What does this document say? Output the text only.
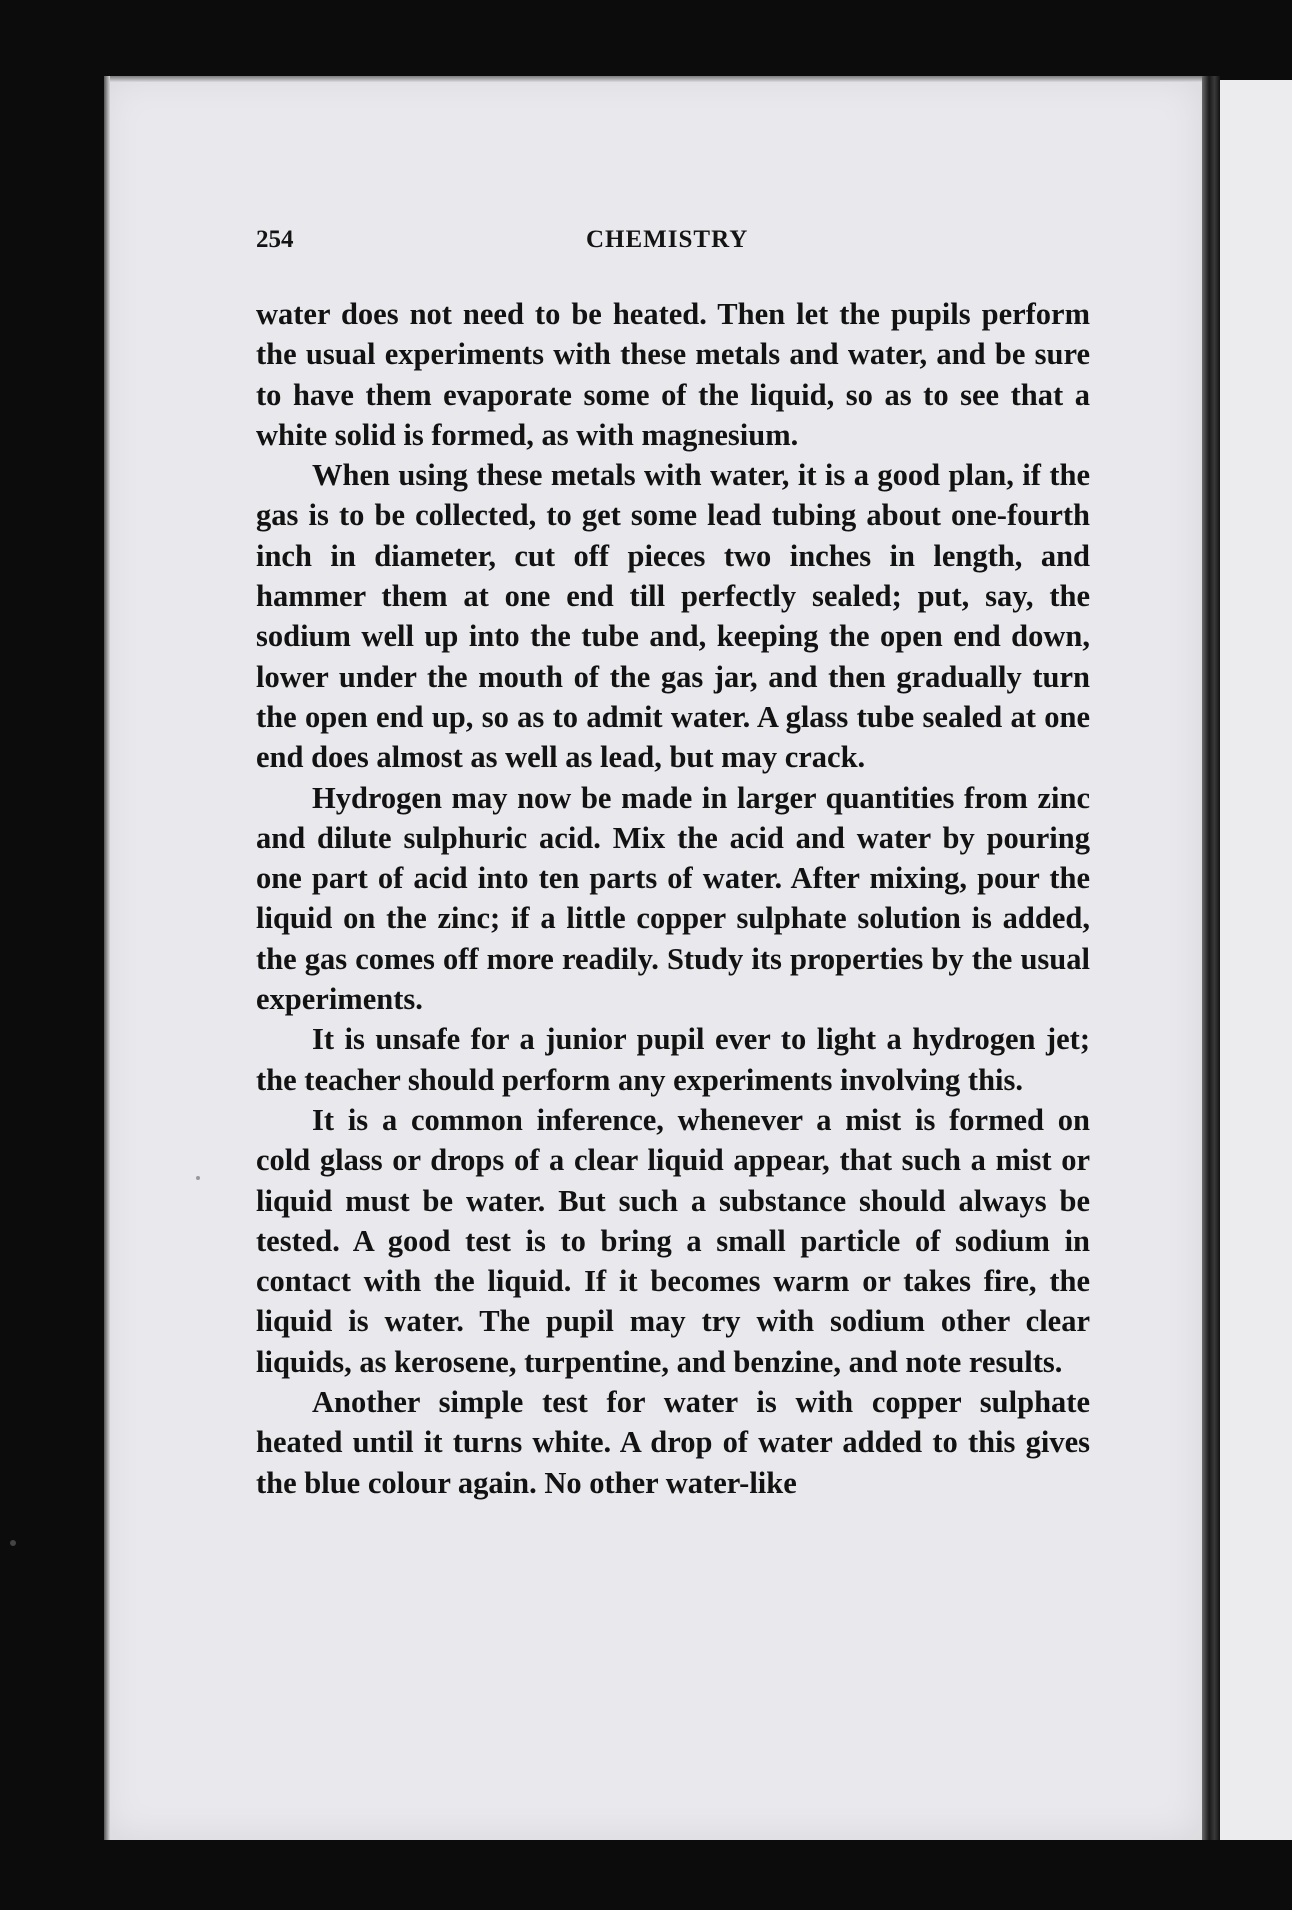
254	CHEMISTRY

water does not need to be heated. Then let the pupils perform the usual experiments with these metals and water, and be sure to have them evaporate some of the liquid, so as to see that a white solid is formed, as with magnesium.

When using these metals with water, it is a good plan, if the gas is to be collected, to get some lead tubing about one-fourth inch in diameter, cut off pieces two inches in length, and hammer them at one end till perfectly sealed; put, say, the sodium well up into the tube and, keeping the open end down, lower under the mouth of the gas jar, and then gradually turn the open end up, so as to admit water. A glass tube sealed at one end does almost as well as lead, but may crack.

Hydrogen may now be made in larger quantities from zinc and dilute sulphuric acid. Mix the acid and water by pouring one part of acid into ten parts of water. After mixing, pour the liquid on the zinc; if a little copper sulphate solution is added, the gas comes off more readily. Study its properties by the usual experiments.

It is unsafe for a junior pupil ever to light a hydrogen jet; the teacher should perform any experiments involving this.

It is a common inference, whenever a mist is formed on cold glass or drops of a clear liquid appear, that such a mist or liquid must be water. But such a substance should always be tested. A good test is to bring a small particle of sodium in contact with the liquid. If it becomes warm or takes fire, the liquid is water. The pupil may try with sodium other clear liquids, as kerosene, turpentine, and benzine, and note results.

Another simple test for water is with copper sulphate heated until it turns white. A drop of water added to this gives the blue colour again. No other water-like
